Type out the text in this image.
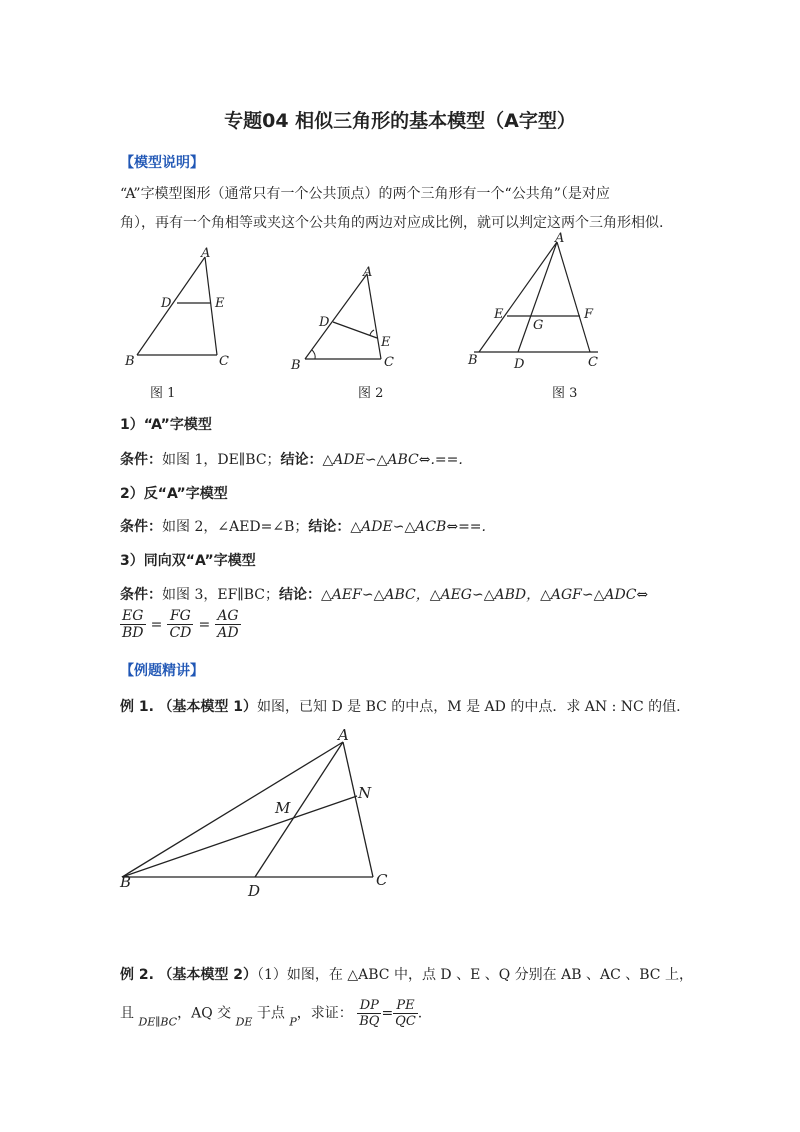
专题04 相似三角形的基本模型（A字型）
【模型说明】
“A”字模型图形（通常只有一个公共顶点）的两个三角形有一个“公共角”（是对应
角），再有一个角相等或夹这个公共角的两边对应成比例，就可以判定这两个三角形相似.
A
D	E
B	C
图 1
A
D
E
B	C
图 2
A
E	F
G
B	D	C
图 3
1）“A”字模型
条件：如图 1，DE∥BC；结论：△ADE∽△ABC⇔.==.
2）反“A”字模型
条件：如图 2，∠AED=∠B；结论：△ADE∽△ACB⇔==.
3）同向双“A”字模型
条件：如图 3，EF∥BC；结论：△AEF∽△ABC，△AEG∽△ABD，△AGF∽△ADC⇔
$\frac{EG}{BD} = \frac{FG}{CD} = \frac{AG}{AD}$
【例题精讲】
例 1. （基本模型 1）如图，已知 D 是 BC 的中点，M 是 AD 的中点．求 AN : NC 的值.
A
N
M
B	D
C
例 2. （基本模型 2）（1）如图，在 △ABC 中，点 D 、E 、Q 分别在 AB 、AC 、BC 上，
且 $_{DE\parallel BC}$，AQ 交 $_{DE}$ 于点 $_P$，求证： $\frac{DP}{BQ} = \frac{PE}{QC}$ .
